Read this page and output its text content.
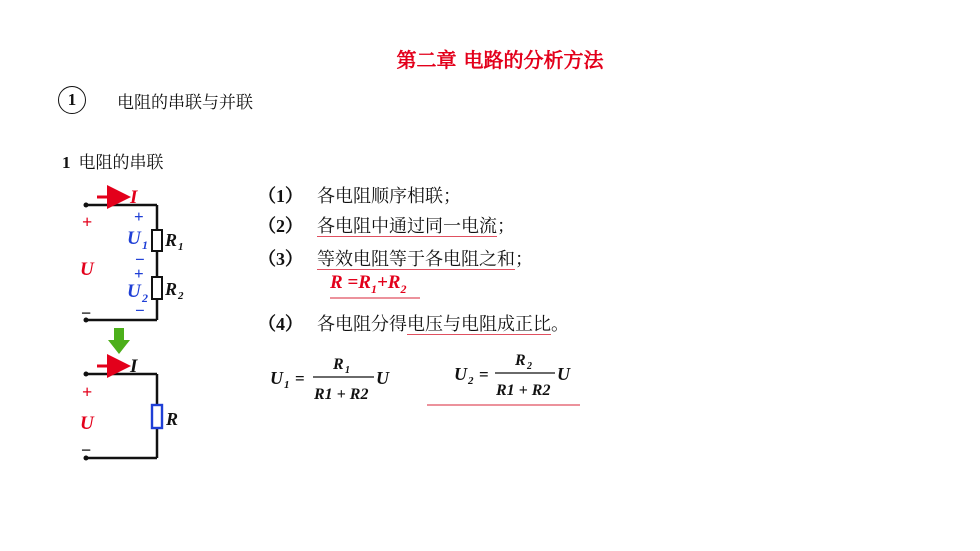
第二章 电路的分析方法
1	电阻的串联与并联
1 电阻的串联
（1） 各电阻顺序相联；
（2） 各电阻中通过同一电流；
（3） 等效电阻等于各电阻之和；
$R =R_1+R_2$
（4） 各电阻分得电压与电阻成正比。
I
+
U
−
+
U 1
−
+
U 2
−
R 1
R 2
I
+
U
−
R
U 1 =
R 1
R1 + R2
U	U 2 =
R 2
R1 + R2
U
